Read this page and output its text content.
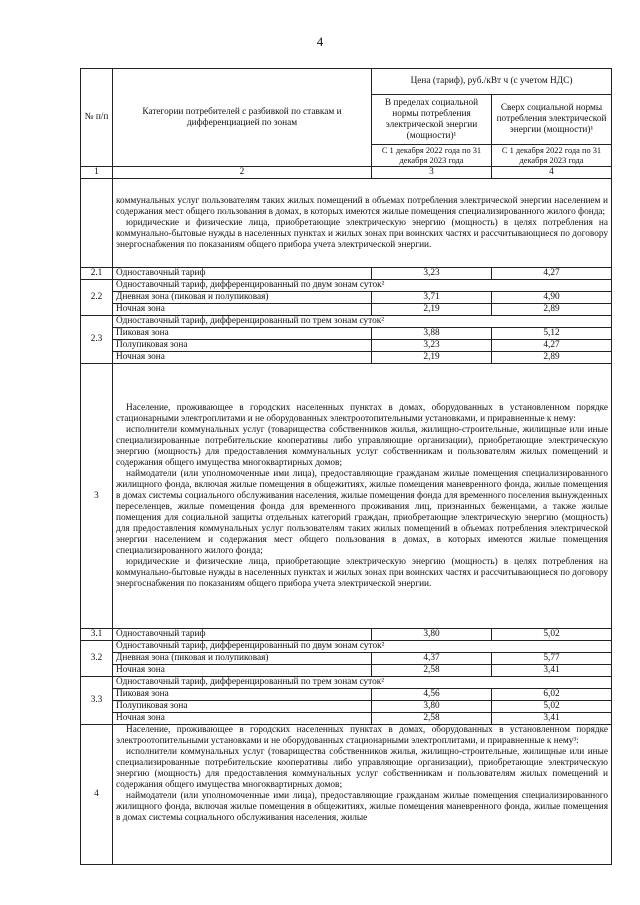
4
№ п/п	Категории потребителей с разбивкой по ставкам и дифференциацией по зонам	Цена (тариф), руб./кВт ч (с учетом НДС)	
		В пределах социальной нормы потребления электрической энергии (мощности)¹	Сверх социальной нормы потребления электрической энергии (мощности)¹
		С 1 декабря 2022 года по 31 декабря 2023 года	С 1 декабря 2022 года по 31 декабря 2023 года
1	2	3	4

	коммунальных услуг пользователям таких жилых помещений в объемах потребления электрической энергии населением и содержания мест общего пользования в домах, в которых имеются жилые помещения специализированного жилого фонда;

юридические и физические лица, приобретающие электрическую энергию (мощность) в целях потребления на коммунально-бытовые нужды в населенных пунктах и жилых зонах при воинских частях и рассчитывающиеся по договору энергоснабжения по показаниям общего прибора учета электрической энергии.		

2.1	Одноставочный тариф	3,23	4,27
2.2	Одноставочный тариф, дифференцированный по двум зонам суток²		
	Дневная зона (пиковая и полупиковая)	3,71	4,90
	Ночная зона	2,19	2,89
2.3	Одноставочный тариф, дифференцированный по трем зонам суток²		
	Пиковая зона	3,88	5,12
	Полупиковая зона	3,23	4,27
	Ночная зона	2,19	2,89
3	Население, проживающее в городских населенных пунктах в домах, оборудованных в установленном порядке стационарными электроплитами и не оборудованных электроотопительными установками, и приравненные к нему:

исполнители коммунальных услуг (товарищества собственников жилья, жилищно-строительные, жилищные или иные специализированные потребительские кооперативы либо управляющие организации), приобретающие электрическую энергию (мощность) для предоставления коммунальных услуг собственникам и пользователям жилых помещений и содержания общего имущества многоквартирных домов;

наймодатели (или уполномоченные ими лица), предоставляющие гражданам жилые помещения специализированного жилищного фонда, включая жилые помещения в общежитиях, жилые помещения маневренного фонда, жилые помещения в домах системы социального обслуживания населения, жилые помещения фонда для временного поселения вынужденных переселенцев, жилые помещения фонда для временного проживания лиц, признанных беженцами, а также жилые помещения для социальной защиты отдельных категорий граждан, приобретающие электрическую энергию (мощность) для предоставления коммунальных услуг пользователям таких жилых помещений в объемах потребления электрической энергии населением и содержания мест общего пользования в домах, в которых имеются жилые помещения специализированного жилого фонда;

юридические и физические лица, приобретающие электрическую энергию (мощность) в целях потребления на коммунально-бытовые нужды в населенных пунктах и жилых зонах при воинских частях и рассчитывающиеся по договору энергоснабжения по показаниям общего прибора учета электрической энергии.		

3.1	Одноставочный тариф	3,80	5,02
3.2	Одноставочный тариф, дифференцированный по двум зонам суток²		
	Дневная зона (пиковая и полупиковая)	4,37	5,77
	Ночная зона	2,58	3,41
3.3	Одноставочный тариф, дифференцированный по трем зонам суток²		
	Пиковая зона	4,56	6,02
	Полупиковая зона	3,80	5,02
	Ночная зона	2,58	3,41
4	Население, проживающее в городских населенных пунктах в домах, оборудованных в установленном порядке электроотопительными установками и не оборудованных стационарными электроплитами, и приравненные к нему³:

исполнители коммунальных услуг (товарищества собственников жилья, жилищно-строительные, жилищные или иные специализированные потребительские кооперативы либо управляющие организации), приобретающие электрическую энергию (мощность) для предоставления коммунальных услуг собственникам и пользователям жилых помещений и содержания общего имущества многоквартирных домов;

наймодатели (или уполномоченные ими лица), предоставляющие гражданам жилые помещения специализированного жилищного фонда, включая жилые помещения в общежитиях, жилые помещения маневренного фонда, жилые помещения в домах системы социального обслуживания населения, жилые		
